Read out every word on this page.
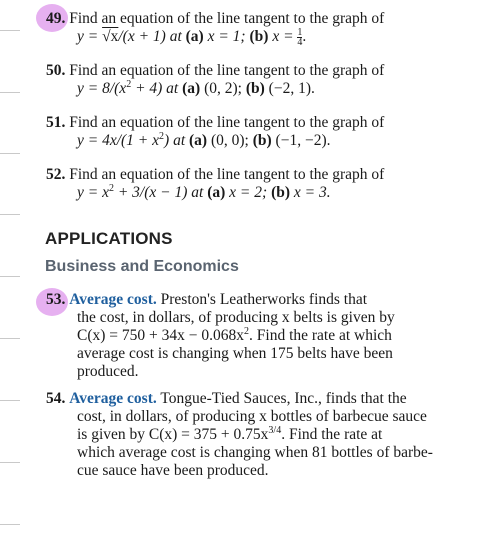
49. Find an equation of the line tangent to the graph of
y = √x/(x + 1) at (a) x = 1; (b) $x = \frac{1}{4}$ .
50. Find an equation of the line tangent to the graph of
$y = 8/(x^2 + 4)$ at (a) (0, 2); (b) (−2, 1).
51. Find an equation of the line tangent to the graph of
$y = 4x/(1 + x^2)$ at (a) (0, 0); (b) (−1, −2).
52. Find an equation of the line tangent to the graph of
$y = x^2 + 3/(x - 1)$ at (a) x = 2; (b) x = 3.
APPLICATIONS
Business and Economics
53. Average cost. Preston's Leatherworks finds that
the cost, in dollars, of producing x belts is given by
$C(x) = 750 + 34x - 0.068x^2$. Find the rate at which
average cost is changing when 175 belts have been
produced.
54. Average cost. Tongue-Tied Sauces, Inc., finds that the
cost, in dollars, of producing x bottles of barbecue sauce
is given by $C(x) = 375 + 0.75x^{3/4}$. Find the rate at
which average cost is changing when 81 bottles of barbe-
cue sauce have been produced.
